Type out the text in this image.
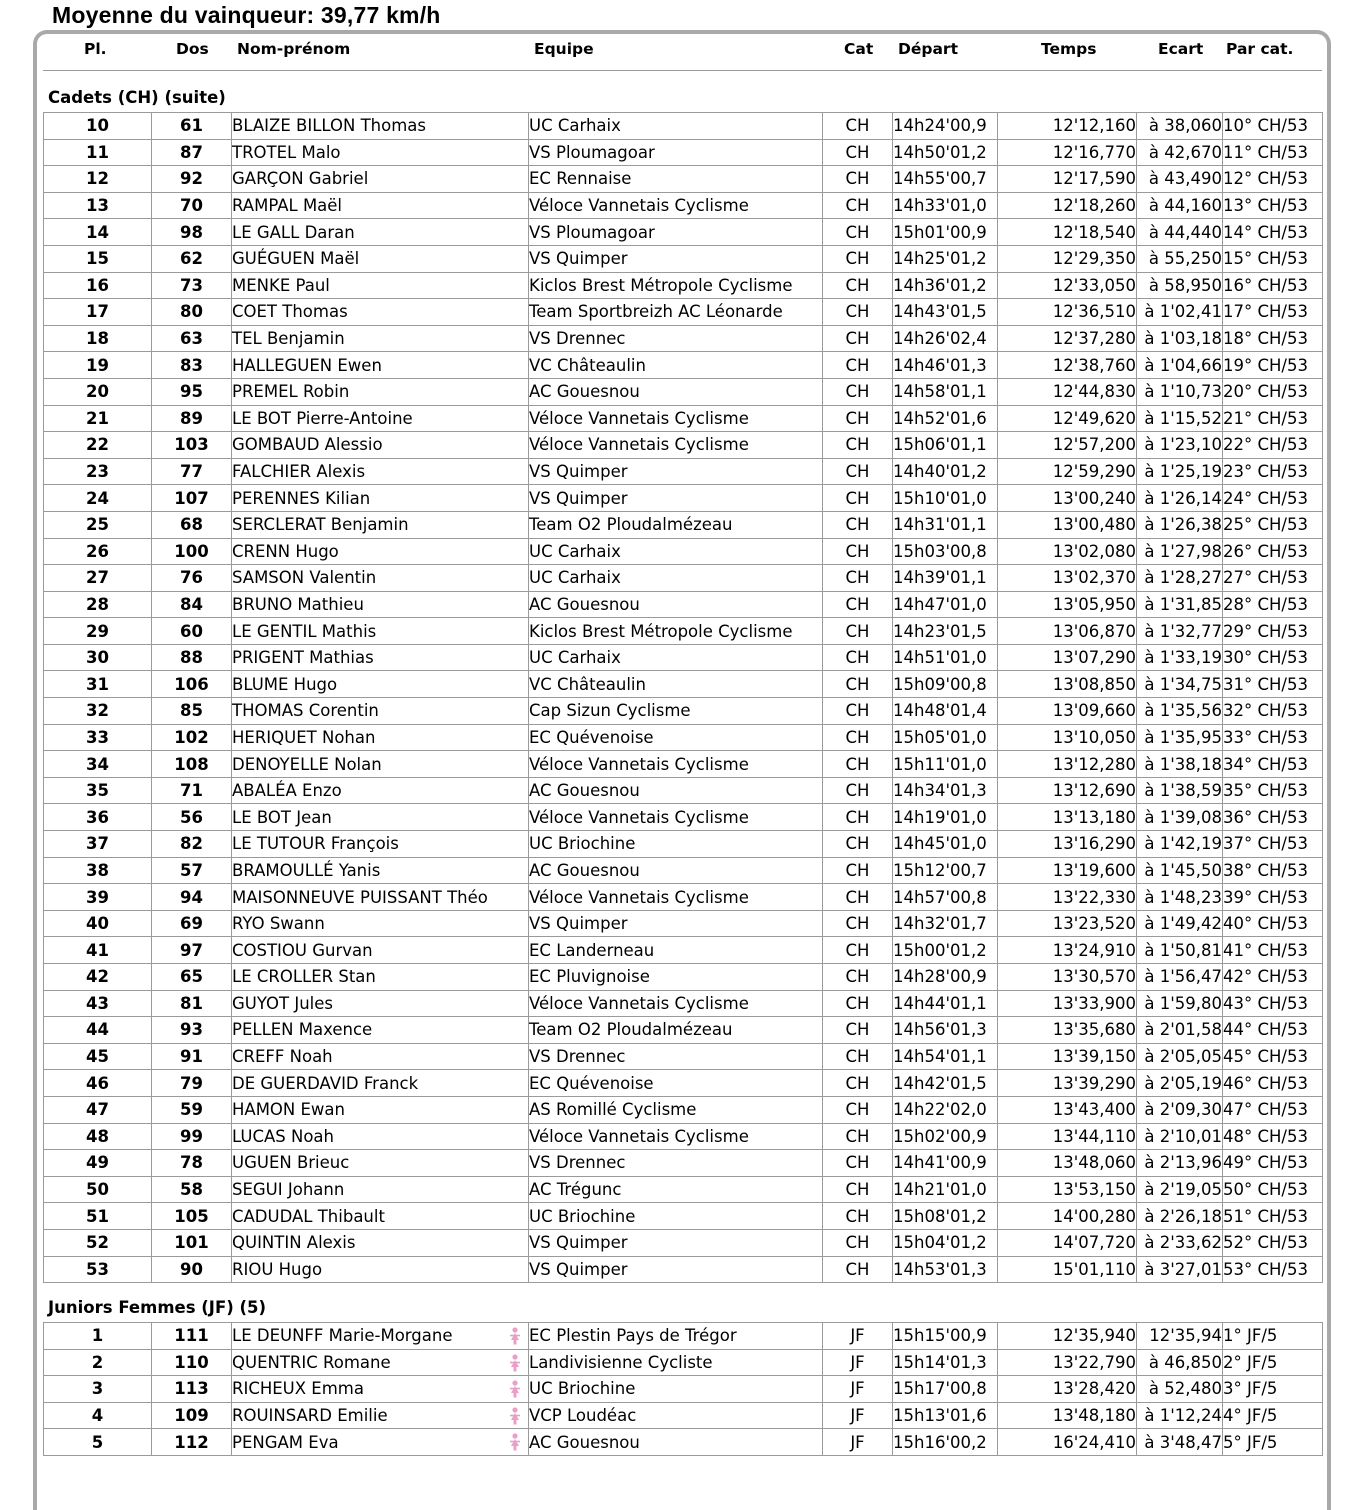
Moyenne du vainqueur: 39,77 km/h
Pl.	Dos Nom-prénom	Equipe	Cat Départ	Temps	Ecart Par cat.
Cadets (CH) (suite)
10	61	BLAIZE BILLON Thomas	UC Carhaix	CH	14h24'00,9	12'12,160	à 38,060	10° CH/53
11	87	TROTEL Malo	VS Ploumagoar	CH	14h50'01,2	12'16,770	à 42,670	11° CH/53
12	92	GARÇON Gabriel	EC Rennaise	CH	14h55'00,7	12'17,590	à 43,490	12° CH/53
13	70	RAMPAL Maël	Véloce Vannetais Cyclisme	CH	14h33'01,0	12'18,260	à 44,160	13° CH/53
14	98	LE GALL Daran	VS Ploumagoar	CH	15h01'00,9	12'18,540	à 44,440	14° CH/53
15	62	GUÉGUEN Maël	VS Quimper	CH	14h25'01,2	12'29,350	à 55,250	15° CH/53
16	73	MENKE Paul	Kiclos Brest Métropole Cyclisme	CH	14h36'01,2	12'33,050	à 58,950	16° CH/53
17	80	COET Thomas	Team Sportbreizh AC Léonarde	CH	14h43'01,5	12'36,510	à 1'02,41	17° CH/53
18	63	TEL Benjamin	VS Drennec	CH	14h26'02,4	12'37,280	à 1'03,18	18° CH/53
19	83	HALLEGUEN Ewen	VC Châteaulin	CH	14h46'01,3	12'38,760	à 1'04,66	19° CH/53
20	95	PREMEL Robin	AC Gouesnou	CH	14h58'01,1	12'44,830	à 1'10,73	20° CH/53
21	89	LE BOT Pierre-Antoine	Véloce Vannetais Cyclisme	CH	14h52'01,6	12'49,620	à 1'15,52	21° CH/53
22	103	GOMBAUD Alessio	Véloce Vannetais Cyclisme	CH	15h06'01,1	12'57,200	à 1'23,10	22° CH/53
23	77	FALCHIER Alexis	VS Quimper	CH	14h40'01,2	12'59,290	à 1'25,19	23° CH/53
24	107	PERENNES Kilian	VS Quimper	CH	15h10'01,0	13'00,240	à 1'26,14	24° CH/53
25	68	SERCLERAT Benjamin	Team O2 Ploudalmézeau	CH	14h31'01,1	13'00,480	à 1'26,38	25° CH/53
26	100	CRENN Hugo	UC Carhaix	CH	15h03'00,8	13'02,080	à 1'27,98	26° CH/53
27	76	SAMSON Valentin	UC Carhaix	CH	14h39'01,1	13'02,370	à 1'28,27	27° CH/53
28	84	BRUNO Mathieu	AC Gouesnou	CH	14h47'01,0	13'05,950	à 1'31,85	28° CH/53
29	60	LE GENTIL Mathis	Kiclos Brest Métropole Cyclisme	CH	14h23'01,5	13'06,870	à 1'32,77	29° CH/53
30	88	PRIGENT Mathias	UC Carhaix	CH	14h51'01,0	13'07,290	à 1'33,19	30° CH/53
31	106	BLUME Hugo	VC Châteaulin	CH	15h09'00,8	13'08,850	à 1'34,75	31° CH/53
32	85	THOMAS Corentin	Cap Sizun Cyclisme	CH	14h48'01,4	13'09,660	à 1'35,56	32° CH/53
33	102	HERIQUET Nohan	EC Quévenoise	CH	15h05'01,0	13'10,050	à 1'35,95	33° CH/53
34	108	DENOYELLE Nolan	Véloce Vannetais Cyclisme	CH	15h11'01,0	13'12,280	à 1'38,18	34° CH/53
35	71	ABALÉA Enzo	AC Gouesnou	CH	14h34'01,3	13'12,690	à 1'38,59	35° CH/53
36	56	LE BOT Jean	Véloce Vannetais Cyclisme	CH	14h19'01,0	13'13,180	à 1'39,08	36° CH/53
37	82	LE TUTOUR François	UC Briochine	CH	14h45'01,0	13'16,290	à 1'42,19	37° CH/53
38	57	BRAMOULLÉ Yanis	AC Gouesnou	CH	15h12'00,7	13'19,600	à 1'45,50	38° CH/53
39	94	MAISONNEUVE PUISSANT Théo	Véloce Vannetais Cyclisme	CH	14h57'00,8	13'22,330	à 1'48,23	39° CH/53
40	69	RYO Swann	VS Quimper	CH	14h32'01,7	13'23,520	à 1'49,42	40° CH/53
41	97	COSTIOU Gurvan	EC Landerneau	CH	15h00'01,2	13'24,910	à 1'50,81	41° CH/53
42	65	LE CROLLER Stan	EC Pluvignoise	CH	14h28'00,9	13'30,570	à 1'56,47	42° CH/53
43	81	GUYOT Jules	Véloce Vannetais Cyclisme	CH	14h44'01,1	13'33,900	à 1'59,80	43° CH/53
44	93	PELLEN Maxence	Team O2 Ploudalmézeau	CH	14h56'01,3	13'35,680	à 2'01,58	44° CH/53
45	91	CREFF Noah	VS Drennec	CH	14h54'01,1	13'39,150	à 2'05,05	45° CH/53
46	79	DE GUERDAVID Franck	EC Quévenoise	CH	14h42'01,5	13'39,290	à 2'05,19	46° CH/53
47	59	HAMON Ewan	AS Romillé Cyclisme	CH	14h22'02,0	13'43,400	à 2'09,30	47° CH/53
48	99	LUCAS Noah	Véloce Vannetais Cyclisme	CH	15h02'00,9	13'44,110	à 2'10,01	48° CH/53
49	78	UGUEN Brieuc	VS Drennec	CH	14h41'00,9	13'48,060	à 2'13,96	49° CH/53
50	58	SEGUI Johann	AC Trégunc	CH	14h21'01,0	13'53,150	à 2'19,05	50° CH/53
51	105	CADUDAL Thibault	UC Briochine	CH	15h08'01,2	14'00,280	à 2'26,18	51° CH/53
52	101	QUINTIN Alexis	VS Quimper	CH	15h04'01,2	14'07,720	à 2'33,62	52° CH/53
53	90	RIOU Hugo	VS Quimper	CH	14h53'01,3	15'01,110	à 3'27,01	53° CH/53
Juniors Femmes (JF) (5)
1	111	LE DEUNFF Marie-Morgane	EC Plestin Pays de Trégor	JF	15h15'00,9	12'35,940	12'35,94	1° JF/5
2	110	QUENTRIC Romane	Landivisienne Cycliste	JF	15h14'01,3	13'22,790	à 46,850	2° JF/5
3	113	RICHEUX Emma	UC Briochine	JF	15h17'00,8	13'28,420	à 52,480	3° JF/5
4	109	ROUINSARD Emilie	VCP Loudéac	JF	15h13'01,6	13'48,180	à 1'12,24	4° JF/5
5	112	PENGAM Eva	AC Gouesnou	JF	15h16'00,2	16'24,410	à 3'48,47	5° JF/5
